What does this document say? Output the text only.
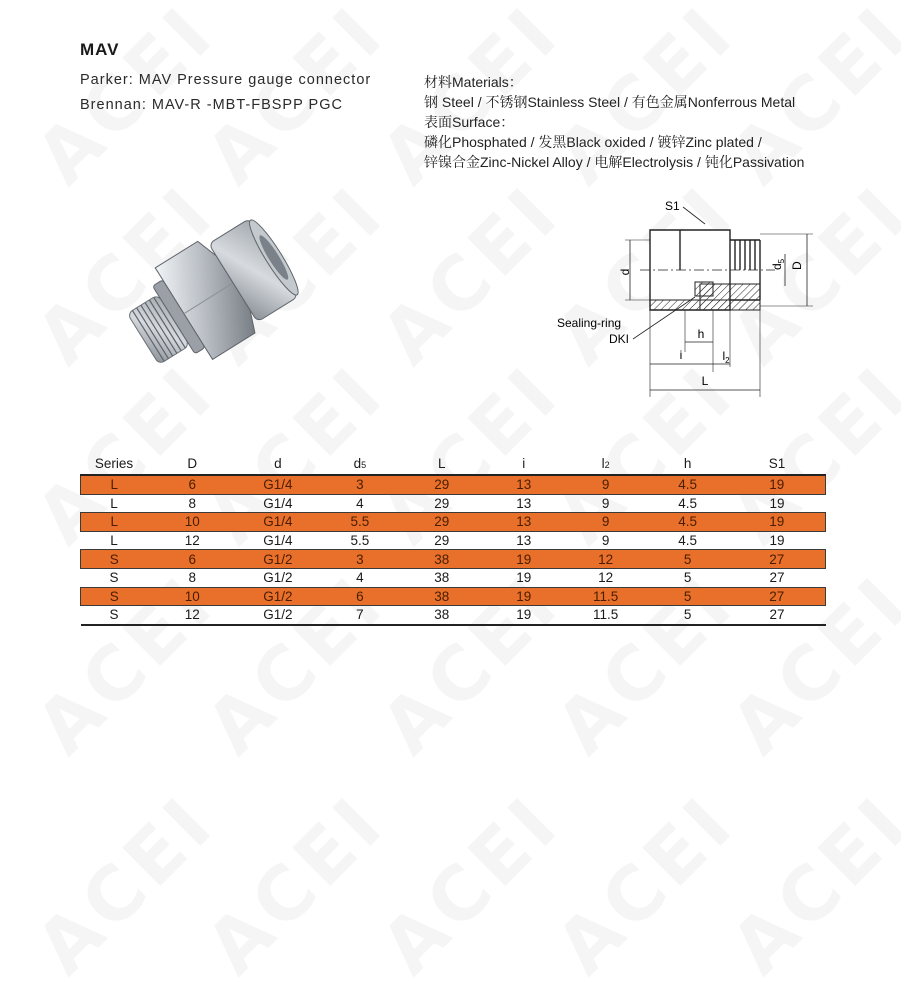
MAV
Parker: MAV Pressure gauge connector
Brennan: MAV-R -MBT-FBSPP PGC
材料Materials：
钢 Steel / 不锈钢Stainless Steel / 有色金属Nonferrous Metal
表面Surface：
磷化Phosphated / 发黑Black oxided / 镀锌Zinc plated /
锌镍合金Zinc-Nickel Alloy / 电解Electrolysis / 钝化Passivation
d
$d_5$
D
S1
Sealing-ring
DKI	h
i	$l_2$
L
Series	D	d	d5	L	i	l2	h	S1
L	6	G1/4	3	29	13	9	4.5	19
L	8	G1/4	4	29	13	9	4.5	19
L	10	G1/4	5.5	29	13	9	4.5	19
L	12	G1/4	5.5	29	13	9	4.5	19
S	6	G1/2	3	38	19	12	5	27
S	8	G1/2	4	38	19	12	5	27
S	10	G1/2	6	38	19	11.5	5	27
S	12	G1/2	7	38	19	11.5	5	27
